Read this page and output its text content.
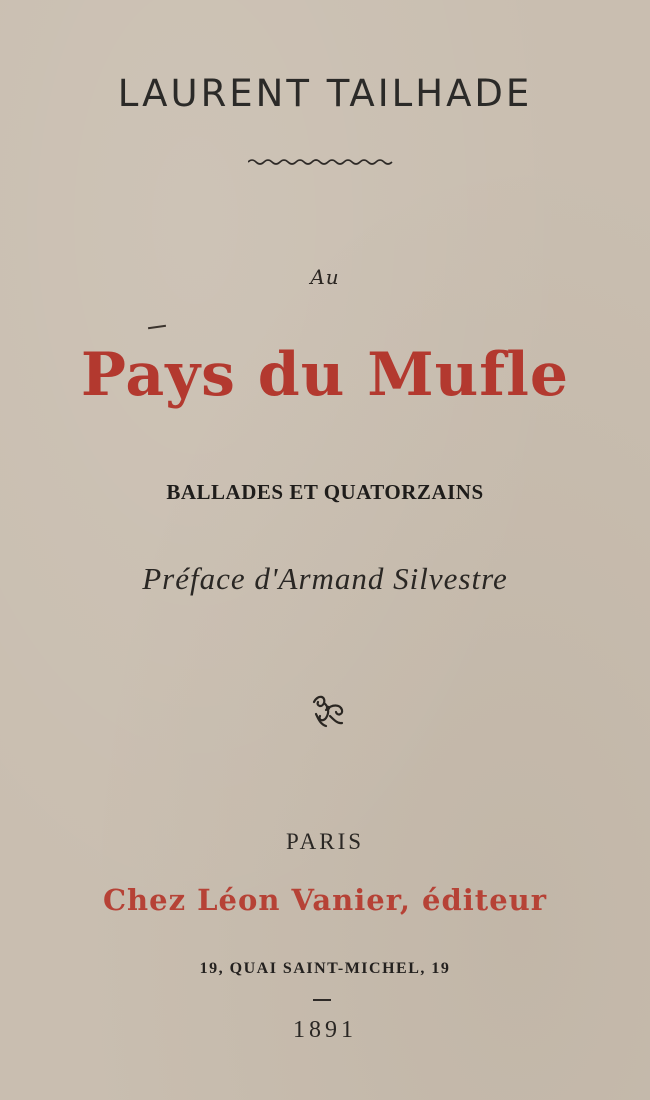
LAURENT TAILHADE
Au
Pays du Mufle
BALLADES ET QUATORZAINS
Préface d'Armand Silvestre
PARIS
Chez Léon Vanier, éditeur
19, QUAI SAINT-MICHEL, 19
1891
